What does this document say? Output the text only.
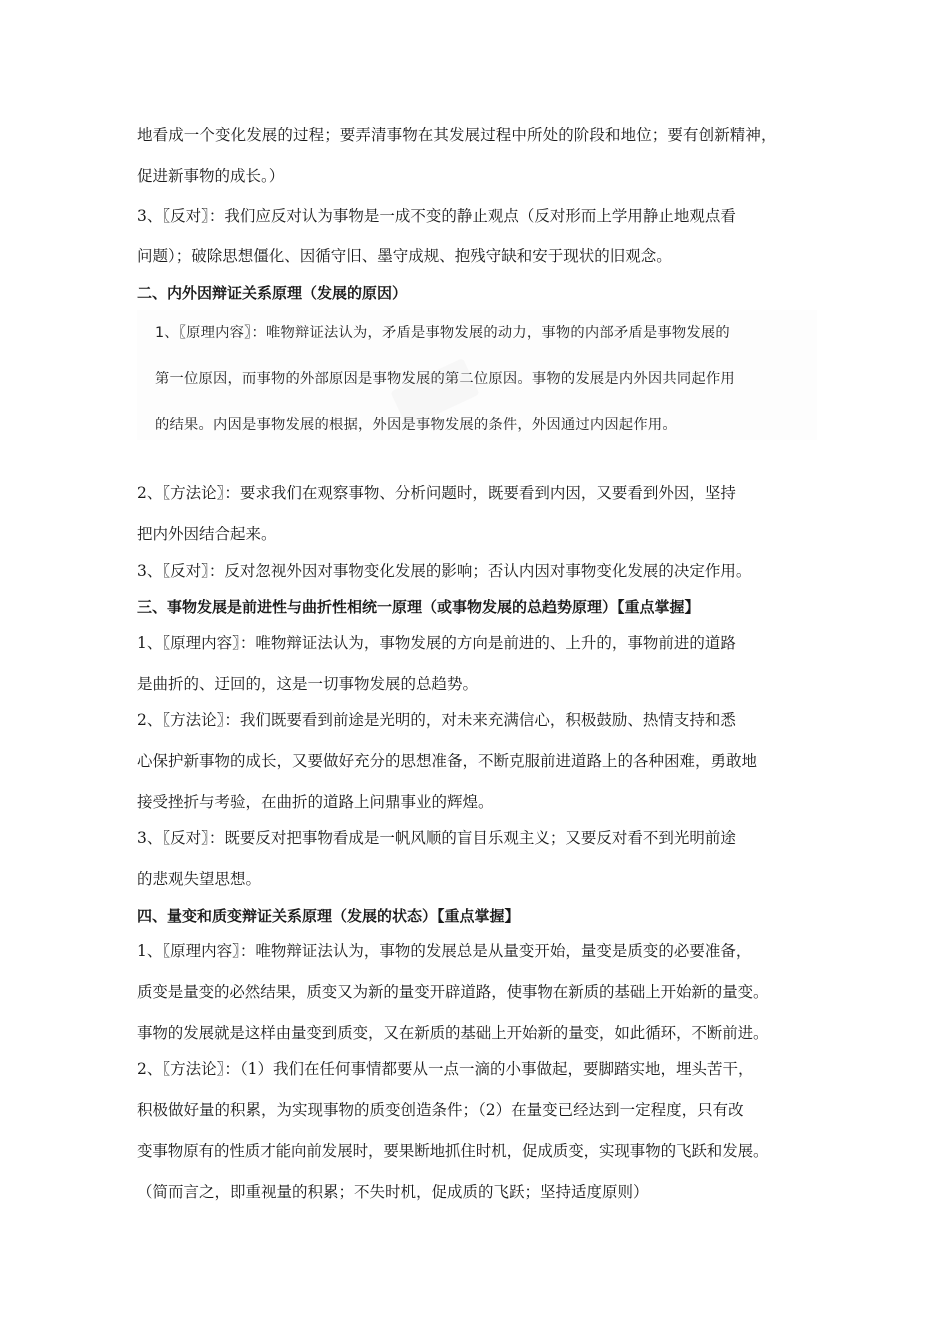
地看成一个变化发展的过程；要弄清事物在其发展过程中所处的阶段和地位；要有创新精神，
促进新事物的成长。）
3、〖反对〗：我们应反对认为事物是一成不变的静止观点（反对形而上学用静止地观点看
问题）；破除思想僵化、因循守旧、墨守成规、抱残守缺和安于现状的旧观念。
二、内外因辩证关系原理（发展的原因）
1、〖原理内容〗：唯物辩证法认为，矛盾是事物发展的动力，事物的内部矛盾是事物发展的
第一位原因，而事物的外部原因是事物发展的第二位原因。事物的发展是内外因共同起作用
的结果。内因是事物发展的根据，外因是事物发展的条件，外因通过内因起作用。
2、〖方法论〗：要求我们在观察事物、分析问题时，既要看到内因，又要看到外因，坚持
把内外因结合起来。
3、〖反对〗：反对忽视外因对事物变化发展的影响；否认内因对事物变化发展的决定作用。
三、事物发展是前进性与曲折性相统一原理（或事物发展的总趋势原理）【重点掌握】
1、〖原理内容〗：唯物辩证法认为，事物发展的方向是前进的、上升的，事物前进的道路
是曲折的、迂回的，这是一切事物发展的总趋势。
2、〖方法论〗：我们既要看到前途是光明的，对未来充满信心，积极鼓励、热情支持和悉
心保护新事物的成长，又要做好充分的思想准备，不断克服前进道路上的各种困难，勇敢地
接受挫折与考验，在曲折的道路上问鼎事业的辉煌。
3、〖反对〗：既要反对把事物看成是一帆风顺的盲目乐观主义；又要反对看不到光明前途
的悲观失望思想。
四、量变和质变辩证关系原理（发展的状态）【重点掌握】
1、〖原理内容〗：唯物辩证法认为，事物的发展总是从量变开始，量变是质变的必要准备，
质变是量变的必然结果，质变又为新的量变开辟道路，使事物在新质的基础上开始新的量变。
事物的发展就是这样由量变到质变，又在新质的基础上开始新的量变，如此循环，不断前进。
2、〖方法论〗：（1）我们在任何事情都要从一点一滴的小事做起，要脚踏实地，埋头苦干，
积极做好量的积累，为实现事物的质变创造条件；（2）在量变已经达到一定程度，只有改
变事物原有的性质才能向前发展时，要果断地抓住时机，促成质变，实现事物的飞跃和发展。
（简而言之，即重视量的积累；不失时机，促成质的飞跃；坚持适度原则）
